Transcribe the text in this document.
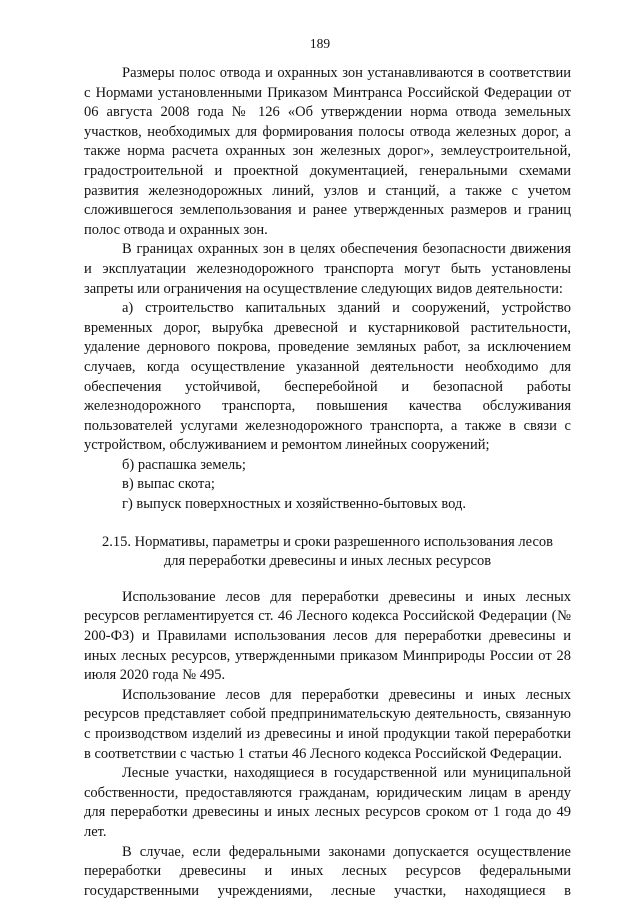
189

Размеры полос отвода и охранных зон устанавливаются в соответствии с Нормами установленными Приказом Минтранса Российской Федерации от 06 августа 2008 года № 126 «Об утверждении норма отвода земельных участков, необходимых для формирования полосы отвода железных дорог, а также норма расчета охранных зон железных дорог», землеустроительной, градостроительной и проектной документацией, генеральными схемами развития железнодорожных линий, узлов и станций, а также с учетом сложившегося землепользования и ранее утвержденных размеров и границ полос отвода и охранных зон.

В границах охранных зон в целях обеспечения безопасности движения и эксплуатации железнодорожного транспорта могут быть установлены запреты или ограничения на осуществление следующих видов деятельности:

а) строительство капитальных зданий и сооружений, устройство временных дорог, вырубка древесной и кустарниковой растительности, удаление дернового покрова, проведение земляных работ, за исключением случаев, когда осуществление указанной деятельности необходимо для обеспечения устойчивой, бесперебойной и безопасной работы железнодорожного транспорта, повышения качества обслуживания пользователей услугами железнодорожного транспорта, а также в связи с устройством, обслуживанием и ремонтом линейных сооружений;

б) распашка земель;

в) выпас скота;

г) выпуск поверхностных и хозяйственно-бытовых вод.

2.15. Нормативы, параметры и сроки разрешенного использования лесов
для переработки древесины и иных лесных ресурсов

Использование лесов для переработки древесины и иных лесных ресурсов регламентируется ст. 46 Лесного кодекса Российской Федерации (№ 200-ФЗ) и Правилами использования лесов для переработки древесины и иных лесных ресурсов, утвержденными приказом Минприроды России от 28 июля 2020 года № 495.

Использование лесов для переработки древесины и иных лесных ресурсов представляет собой предпринимательскую деятельность, связанную с производством изделий из древесины и иной продукции такой переработки в соответствии с частью 1 статьи 46 Лесного кодекса Российской Федерации.

Лесные участки, находящиеся в государственной или муниципальной собственности, предоставляются гражданам, юридическим лицам в аренду для переработки древесины и иных лесных ресурсов сроком от 1 года до 49 лет.

В случае, если федеральными законами допускается осуществление переработки древесины и иных лесных ресурсов федеральными государственными учреждениями, лесные участки, находящиеся в
